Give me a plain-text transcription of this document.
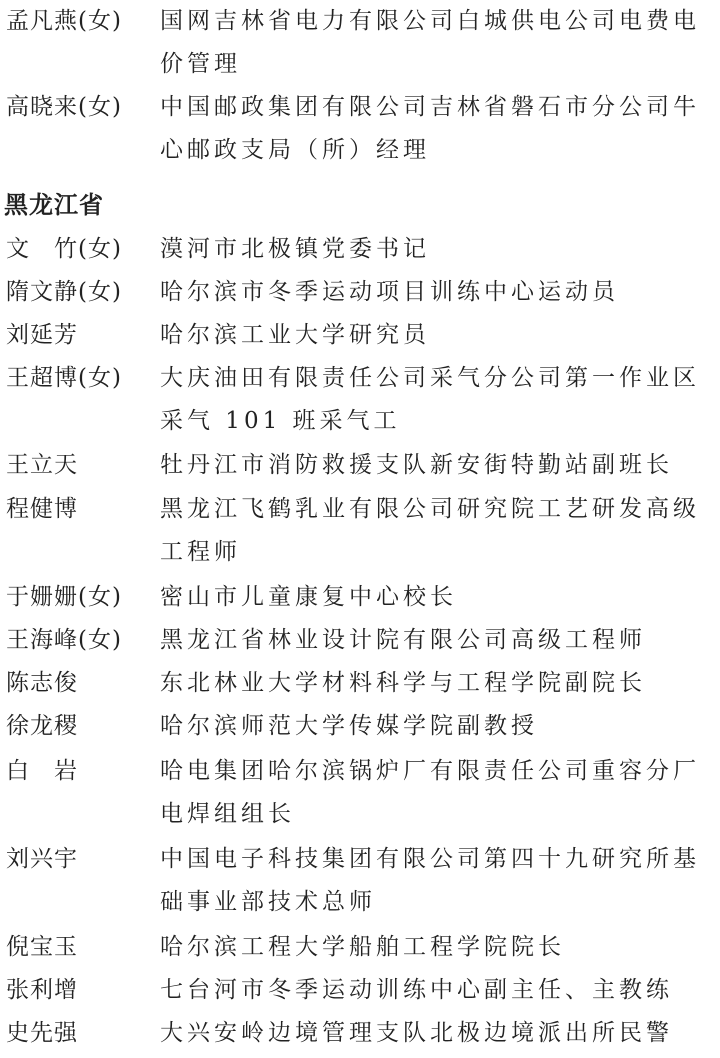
孟凡燕(女)	国网吉林省电力有限公司白城供电公司电费电
价管理
高晓来(女)	中国邮政集团有限公司吉林省磐石市分公司牛
心邮政支局（所）经理
黑龙江省
文　竹(女)	漠河市北极镇党委书记
隋文静(女)	哈尔滨市冬季运动项目训练中心运动员
刘延芳	哈尔滨工业大学研究员
王超博(女)	大庆油田有限责任公司采气分公司第一作业区
采气 101 班采气工
王立天	牡丹江市消防救援支队新安街特勤站副班长
程健博	黑龙江飞鹤乳业有限公司研究院工艺研发高级
工程师
于姗姗(女)	密山市儿童康复中心校长
王海峰(女)	黑龙江省林业设计院有限公司高级工程师
陈志俊	东北林业大学材料科学与工程学院副院长
徐龙稷	哈尔滨师范大学传媒学院副教授
白　岩	哈电集团哈尔滨锅炉厂有限责任公司重容分厂
电焊组组长
刘兴宇	中国电子科技集团有限公司第四十九研究所基
础事业部技术总师
倪宝玉	哈尔滨工程大学船舶工程学院院长
张利增	七台河市冬季运动训练中心副主任、主教练
史先强	大兴安岭边境管理支队北极边境派出所民警
